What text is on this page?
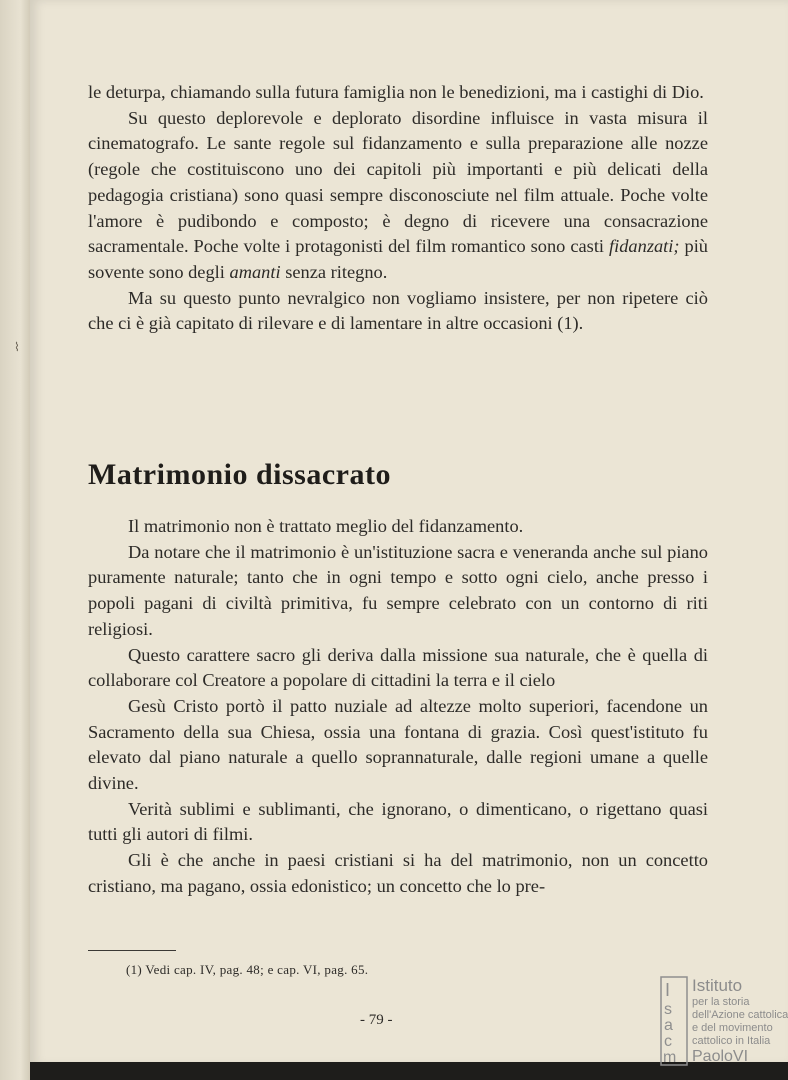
⌇

le deturpa, chiamando sulla futura famiglia non le benedizioni, ma i castighi di Dio.

Su questo deplorevole e deplorato disordine influisce in vasta misura il cinematografo. Le sante regole sul fidanzamento e sulla preparazione alle nozze (regole che costituiscono uno dei capitoli più importanti e più delicati della pedagogia cristiana) sono quasi sempre disconosciute nel film attuale. Poche volte l'amore è pudibondo e composto; è degno di ricevere una consacrazione sacramentale. Poche volte i protagonisti del film romantico sono casti fidanzati; più sovente sono degli amanti senza ritegno.

Ma su questo punto nevralgico non vogliamo insistere, per non ripetere ciò che ci è già capitato di rilevare e di lamentare in altre occasioni (1).

Matrimonio dissacrato

Il matrimonio non è trattato meglio del fidanzamento.

Da notare che il matrimonio è un'istituzione sacra e veneranda anche sul piano puramente naturale; tanto che in ogni tempo e sotto ogni cielo, anche presso i popoli pagani di civiltà primitiva, fu sempre celebrato con un contorno di riti religiosi.

Questo carattere sacro gli deriva dalla missione sua naturale, che è quella di collaborare col Creatore a popolare di cittadini la terra e il cielo

Gesù Cristo portò il patto nuziale ad altezze molto superiori, facendone un Sacramento della sua Chiesa, ossia una fontana di grazia. Così quest'istituto fu elevato dal piano naturale a quello soprannaturale, dalle regioni umane a quelle divine.

Verità sublimi e sublimanti, che ignorano, o dimenticano, o rigettano quasi tutti gli autori di filmi.

Gli è che anche in paesi cristiani si ha del matrimonio, non un concetto cristiano, ma pagano, ossia edonistico; un concetto che lo pre-

(1) Vedi cap. IV, pag. 48; e cap. VI, pag. 65.

- 79 -

I
s
a
c
m
Istituto
per la storia
dell'Azione cattolica
e del movimento
cattolico in Italia
PaoloVI
